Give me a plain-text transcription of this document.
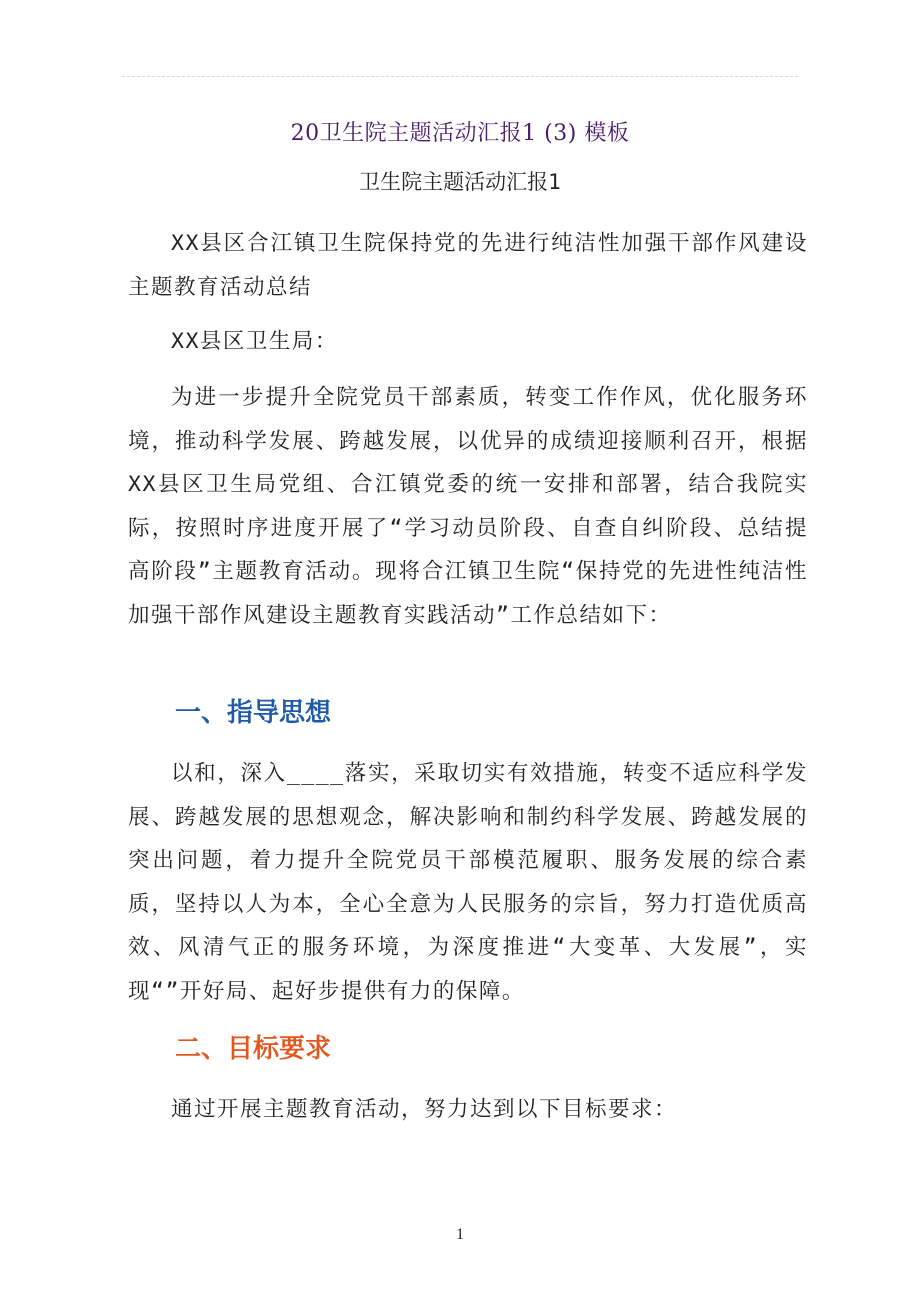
20卫生院主题活动汇报1 (3) 模板
卫生院主题活动汇报1

XX县区合江镇卫生院保持党的先进行纯洁性加强干部作风建设主题教育活动总结

XX县区卫生局：

为进一步提升全院党员干部素质，转变工作作风，优化服务环境，推动科学发展、跨越发展，以优异的成绩迎接顺利召开，根据XX县区卫生局党组、合江镇党委的统一安排和部署，结合我院实际，按照时序进度开展了“学习动员阶段、自查自纠阶段、总结提高阶段”主题教育活动。现将合江镇卫生院“保持党的先进性纯洁性加强干部作风建设主题教育实践活动”工作总结如下：

一、指导思想

以和，深入____落实，采取切实有效措施，转变不适应科学发展、跨越发展的思想观念，解决影响和制约科学发展、跨越发展的突出问题，着力提升全院党员干部模范履职、服务发展的综合素质，坚持以人为本，全心全意为人民服务的宗旨，努力打造优质高效、风清气正的服务环境，为深度推进“大变革、大发展”，实现“”开好局、起好步提供有力的保障。

二、目标要求

通过开展主题教育活动，努力达到以下目标要求：

1
